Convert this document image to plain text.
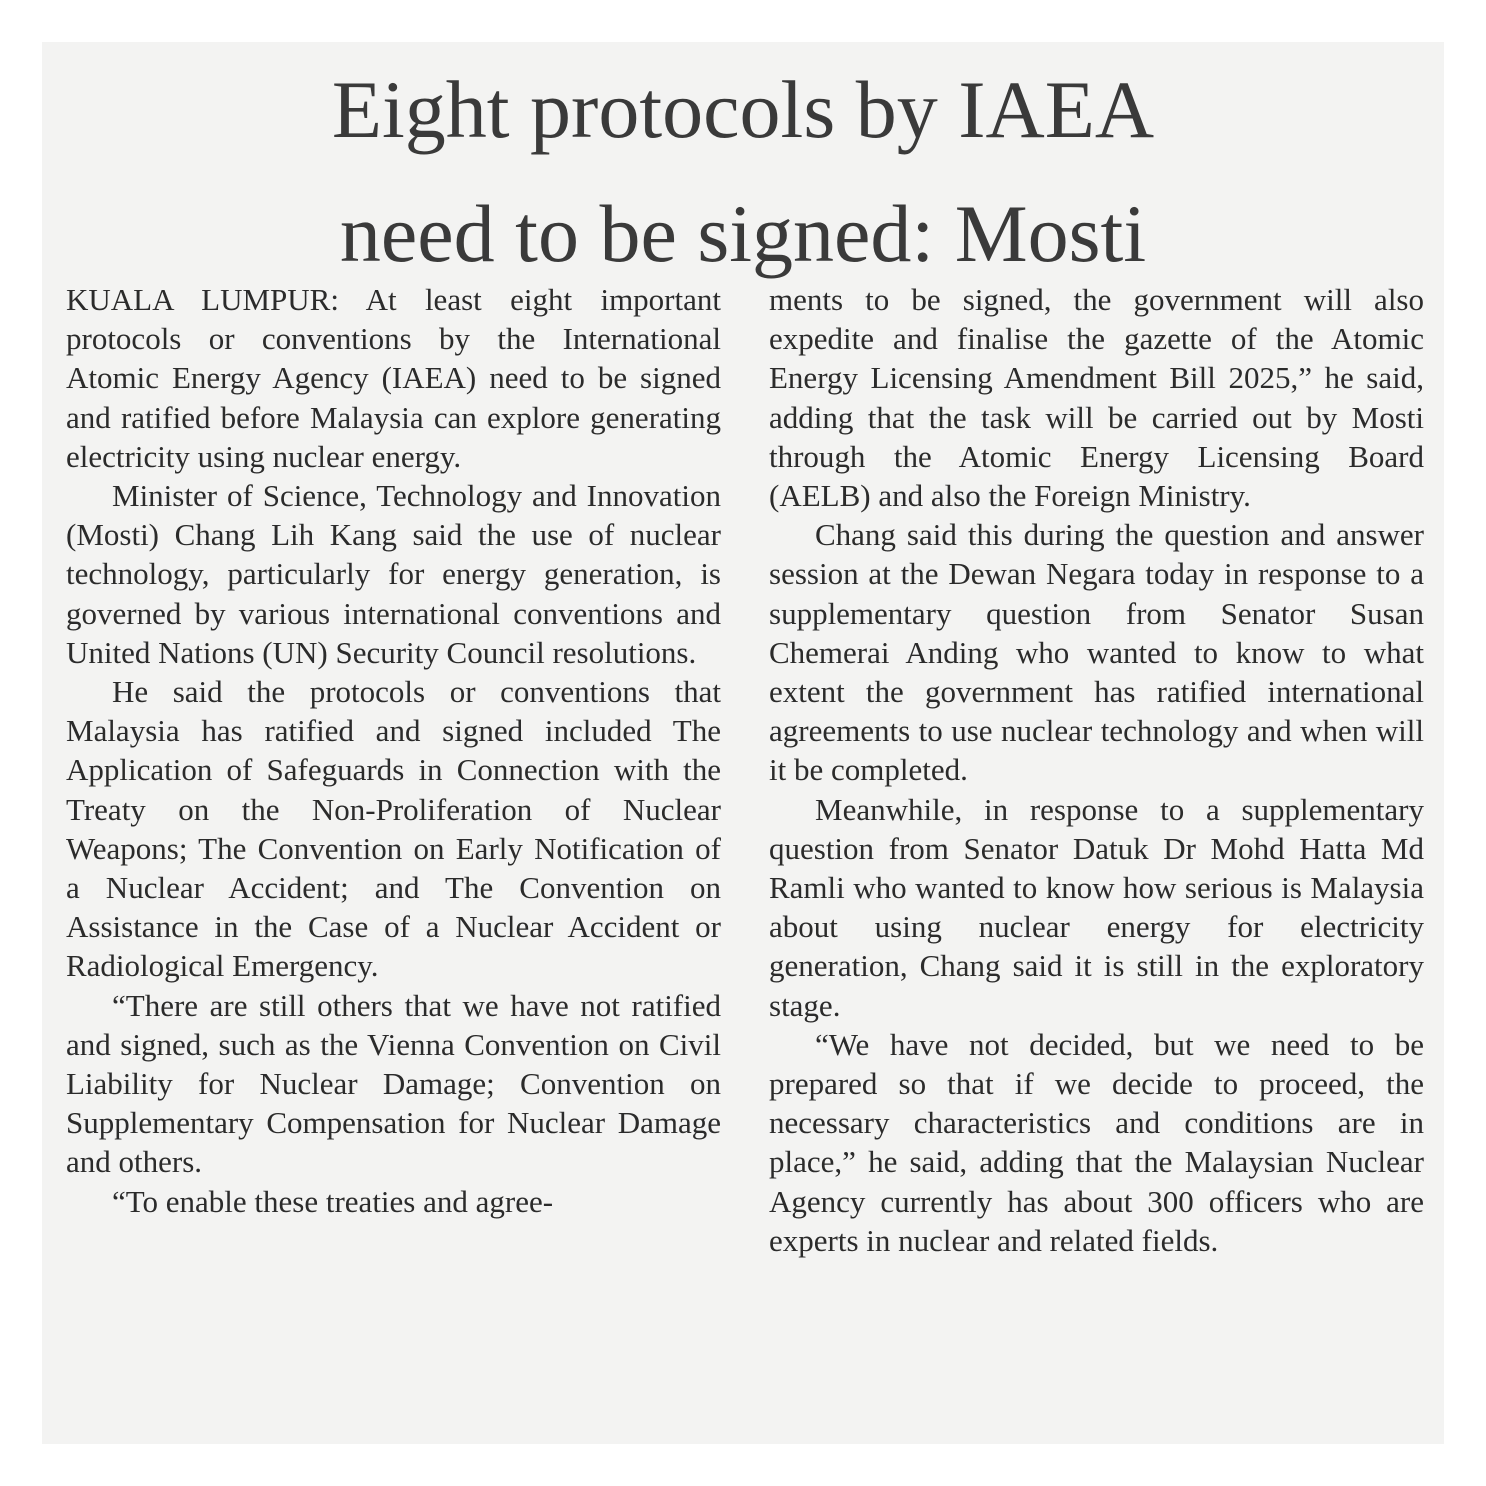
Eight protocols by IAEA
need to be signed: Mosti

KUALA LUMPUR: At least eight important protocols or conventions by the International Atomic Energy Agency (IAEA) need to be signed and ratified before Malaysia can explore generating electricity using nuclear energy.

Minister of Science, Technology and Innovation (Mosti) Chang Lih Kang said the use of nuclear technology, particularly for energy generation, is governed by various international conventions and United Nations (UN) Security Council resolutions.

He said the protocols or conventions that Malaysia has ratified and signed included The Application of Safeguards in Connection with the Treaty on the Non-Proliferation of Nuclear Weapons; The Convention on Early Notification of a Nuclear Accident; and The Convention on Assistance in the Case of a Nuclear Accident or Radiological Emergency.

“There are still others that we have not ratified and signed, such as the Vienna Convention on Civil Liability for Nuclear Damage; Convention on Supplementary Compensation for Nuclear Damage and others.

“To enable these treaties and agree-

ments to be signed, the government will also expedite and finalise the gazette of the Atomic Energy Licensing Amendment Bill 2025,” he said, adding that the task will be carried out by Mosti through the Atomic Energy Licensing Board (AELB) and also the Foreign Ministry.

Chang said this during the question and answer session at the Dewan Negara today in response to a supplementary question from Senator Susan Chemerai Anding who wanted to know to what extent the government has ratified international agreements to use nuclear technology and when will it be completed.

Meanwhile, in response to a supplementary question from Senator Datuk Dr Mohd Hatta Md Ramli who wanted to know how serious is Malaysia about using nuclear energy for electricity generation, Chang said it is still in the exploratory stage.

“We have not decided, but we need to be prepared so that if we decide to proceed, the necessary characteristics and conditions are in place,” he said, adding that the Malaysian Nuclear Agency currently has about 300 officers who are experts in nuclear and related fields.
